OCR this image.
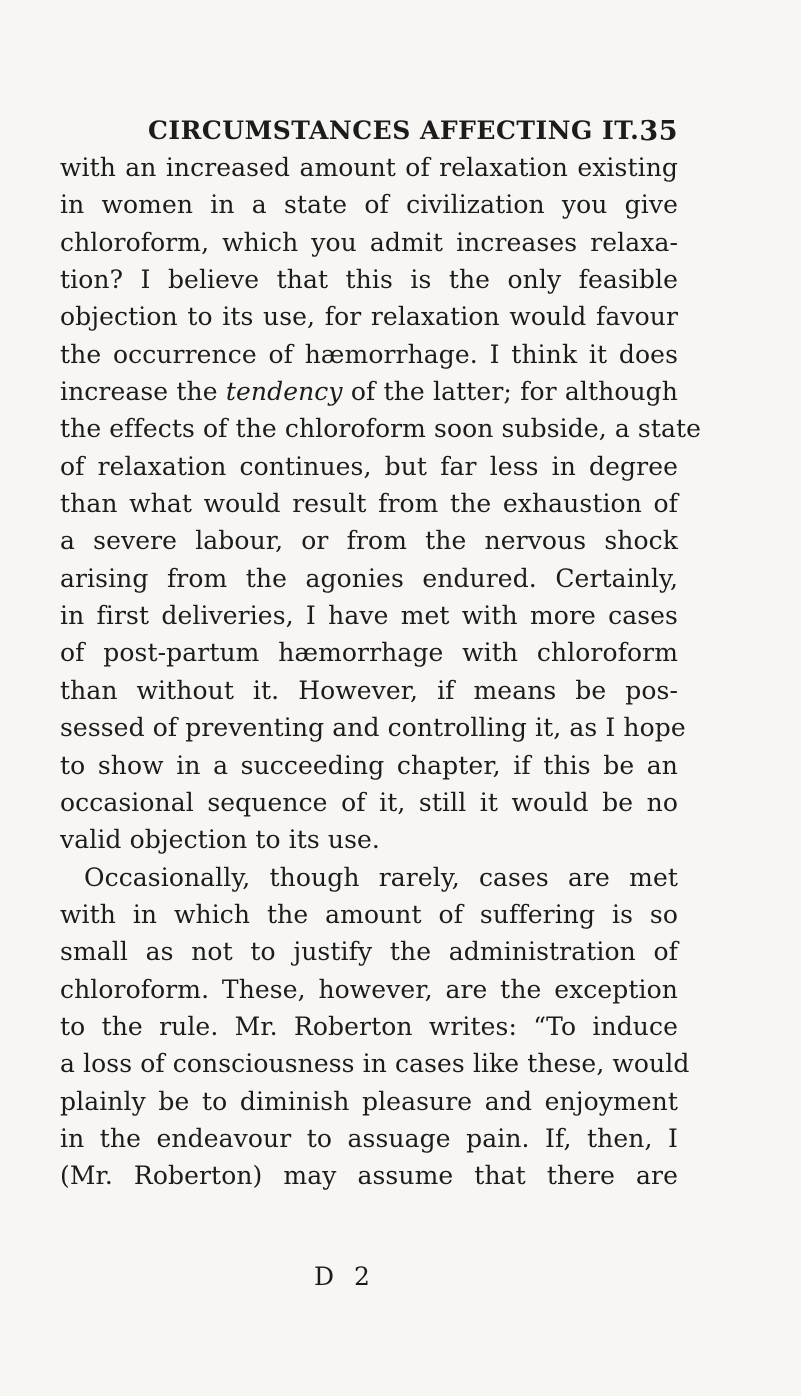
CIRCUMSTANCES AFFECTING IT. 35
with an increased amount of relaxation existing
in women in a state of civilization you give
chloroform, which you admit increases relaxa-
tion? I believe that this is the only feasible
objection to its use, for relaxation would favour
the occurrence of hæmorrhage. I think it does
increase the tendency of the latter; for although
the effects of the chloroform soon subside, a state
of relaxation continues, but far less in degree
than what would result from the exhaustion of
a severe labour, or from the nervous shock
arising from the agonies endured. Certainly,
in first deliveries, I have met with more cases
of post-partum hæmorrhage with chloroform
than without it. However, if means be pos-
sessed of preventing and controlling it, as I hope
to show in a succeeding chapter, if this be an
occasional sequence of it, still it would be no
valid objection to its use.
Occasionally, though rarely, cases are met
with in which the amount of suffering is so
small as not to justify the administration of
chloroform. These, however, are the exception
to the rule. Mr. Roberton writes: “To induce
a loss of consciousness in cases like these, would
plainly be to diminish pleasure and enjoyment
in the endeavour to assuage pain. If, then, I
(Mr. Roberton) may assume that there are
D 2
